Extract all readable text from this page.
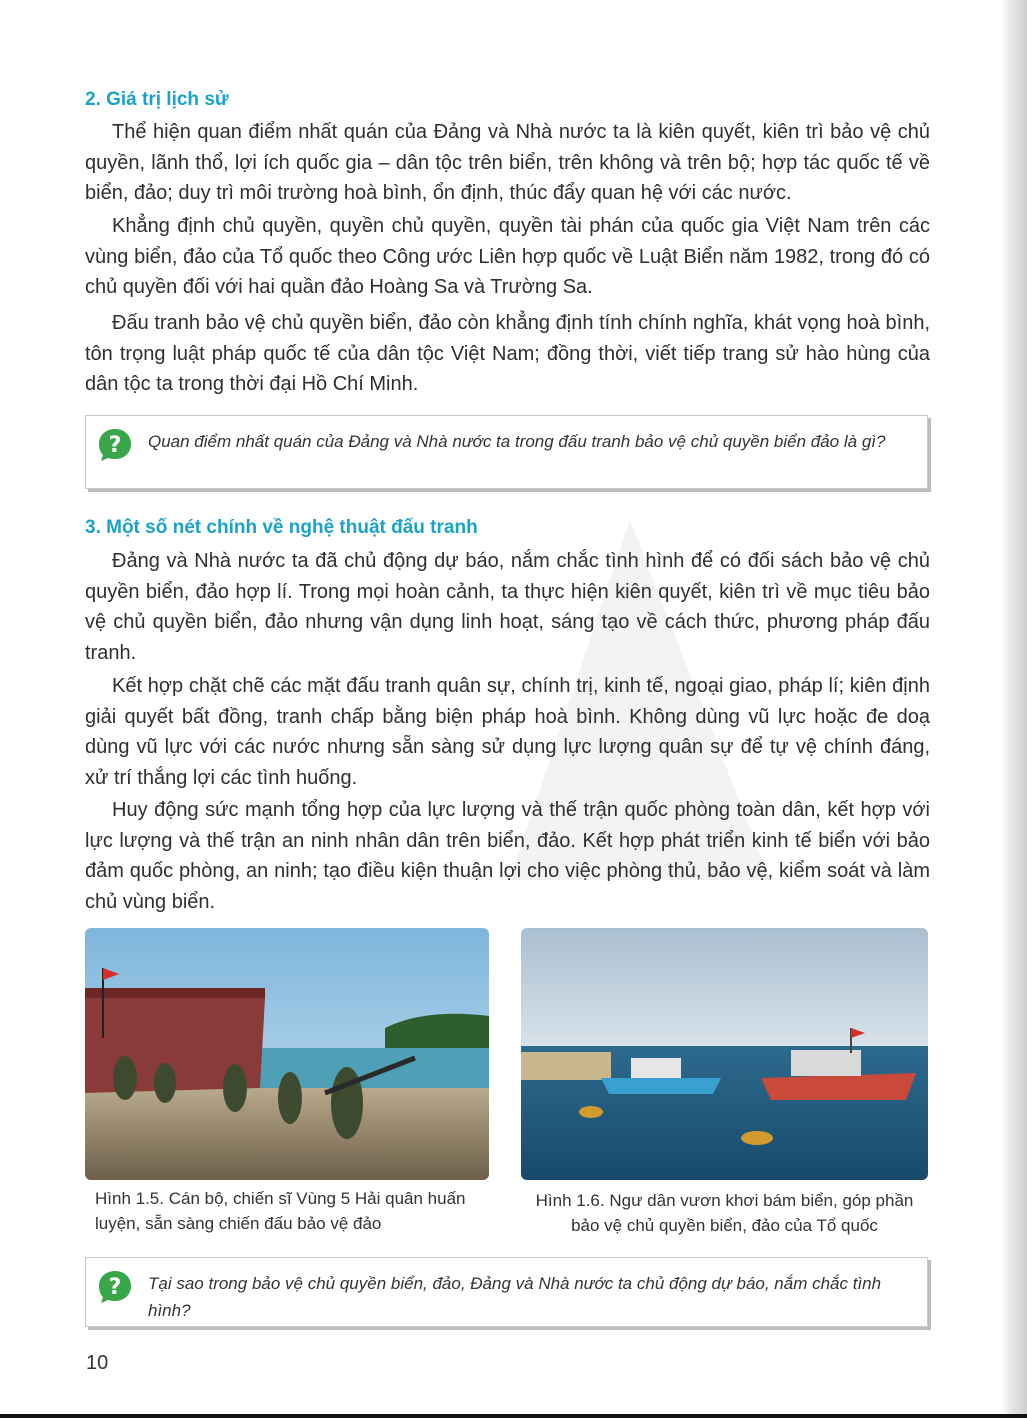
2. Giá trị lịch sử

Thể hiện quan điểm nhất quán của Đảng và Nhà nước ta là kiên quyết, kiên trì bảo vệ chủ quyền, lãnh thổ, lợi ích quốc gia – dân tộc trên biển, trên không và trên bộ; hợp tác quốc tế về biển, đảo; duy trì môi trường hoà bình, ổn định, thúc đẩy quan hệ với các nước.

Khẳng định chủ quyền, quyền chủ quyền, quyền tài phán của quốc gia Việt Nam trên các vùng biển, đảo của Tổ quốc theo Công ước Liên hợp quốc về Luật Biển năm 1982, trong đó có chủ quyền đối với hai quần đảo Hoàng Sa và Trường Sa.

Đấu tranh bảo vệ chủ quyền biển, đảo còn khẳng định tính chính nghĩa, khát vọng hoà bình, tôn trọng luật pháp quốc tế của dân tộc Việt Nam; đồng thời, viết tiếp trang sử hào hùng của dân tộc ta trong thời đại Hồ Chí Minh.

? Quan điểm nhất quán của Đảng và Nhà nước ta trong đấu tranh bảo vệ chủ quyền biển đảo là gì?
3. Một số nét chính về nghệ thuật đấu tranh

Đảng và Nhà nước ta đã chủ động dự báo, nắm chắc tình hình để có đối sách bảo vệ chủ quyền biển, đảo hợp lí. Trong mọi hoàn cảnh, ta thực hiện kiên quyết, kiên trì về mục tiêu bảo vệ chủ quyền biển, đảo nhưng vận dụng linh hoạt, sáng tạo về cách thức, phương pháp đấu tranh.

Kết hợp chặt chẽ các mặt đấu tranh quân sự, chính trị, kinh tế, ngoại giao, pháp lí; kiên định giải quyết bất đồng, tranh chấp bằng biện pháp hoà bình. Không dùng vũ lực hoặc đe doạ dùng vũ lực với các nước nhưng sẵn sàng sử dụng lực lượng quân sự để tự vệ chính đáng, xử trí thắng lợi các tình huống.

Huy động sức mạnh tổng hợp của lực lượng và thế trận quốc phòng toàn dân, kết hợp với lực lượng và thế trận an ninh nhân dân trên biển, đảo. Kết hợp phát triển kinh tế biển với bảo đảm quốc phòng, an ninh; tạo điều kiện thuận lợi cho việc phòng thủ, bảo vệ, kiểm soát và làm chủ vùng biển.

Hình 1.5. Cán bộ, chiến sĩ Vùng 5 Hải quân huấn luyện, sẵn sàng chiến đấu bảo vệ đảo
Hình 1.6. Ngư dân vươn khơi bám biển, góp phần bảo vệ chủ quyền biển, đảo của Tổ quốc
? Tại sao trong bảo vệ chủ quyền biển, đảo, Đảng và Nhà nước ta chủ động dự báo, nắm chắc tình hình?
10
